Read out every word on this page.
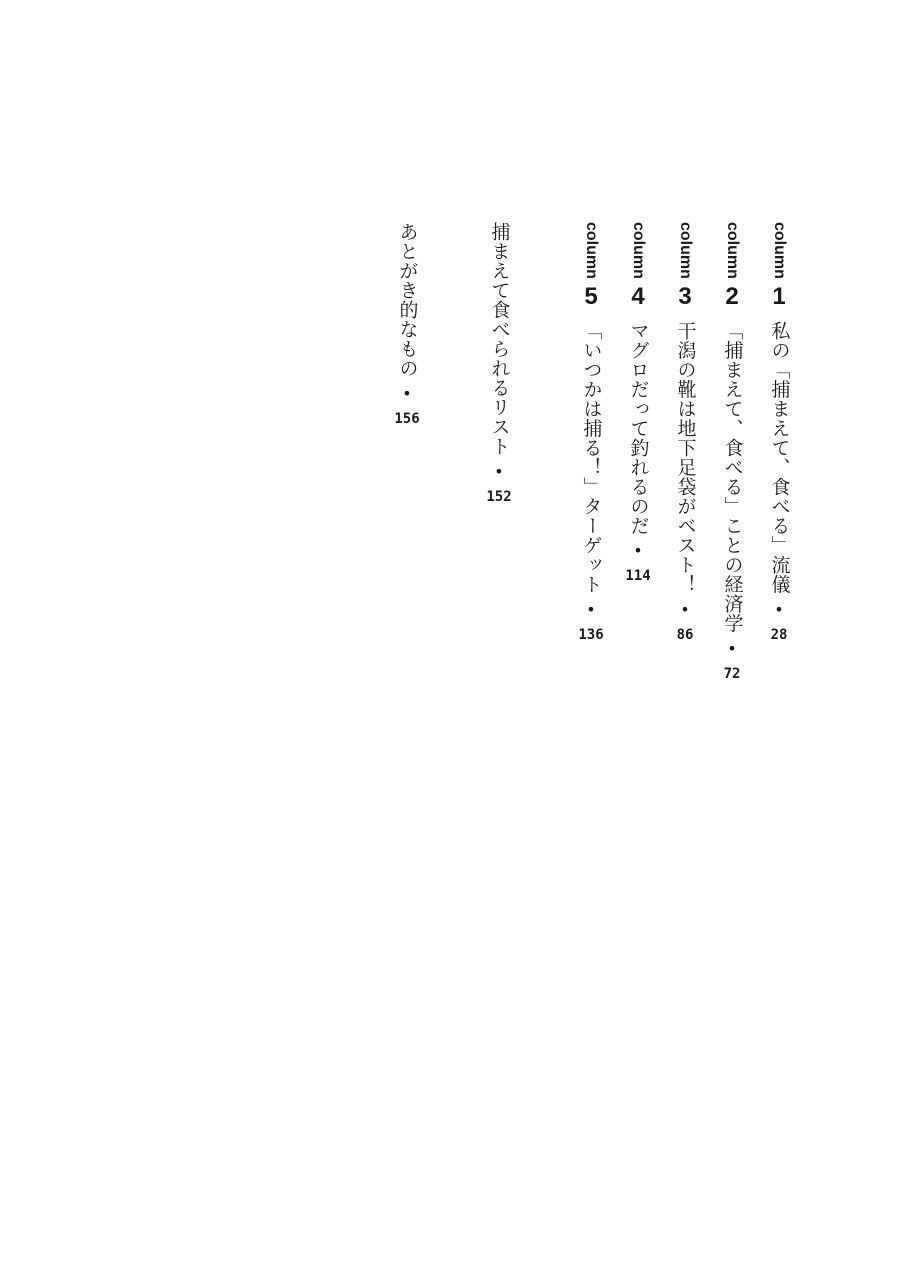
column
1
私の「捕まえて、食べる」流儀
•
28
column
2
「捕まえて、食べる」ことの経済学
•
72
column
3
干潟の靴は地下足袋がベスト！
•
86
column
4
マグロだって釣れるのだ
•
114
column
5
「いつかは捕る！」ターゲット
•
136
捕まえて食べられるリスト
•
152
あとがき的なもの
•
156
